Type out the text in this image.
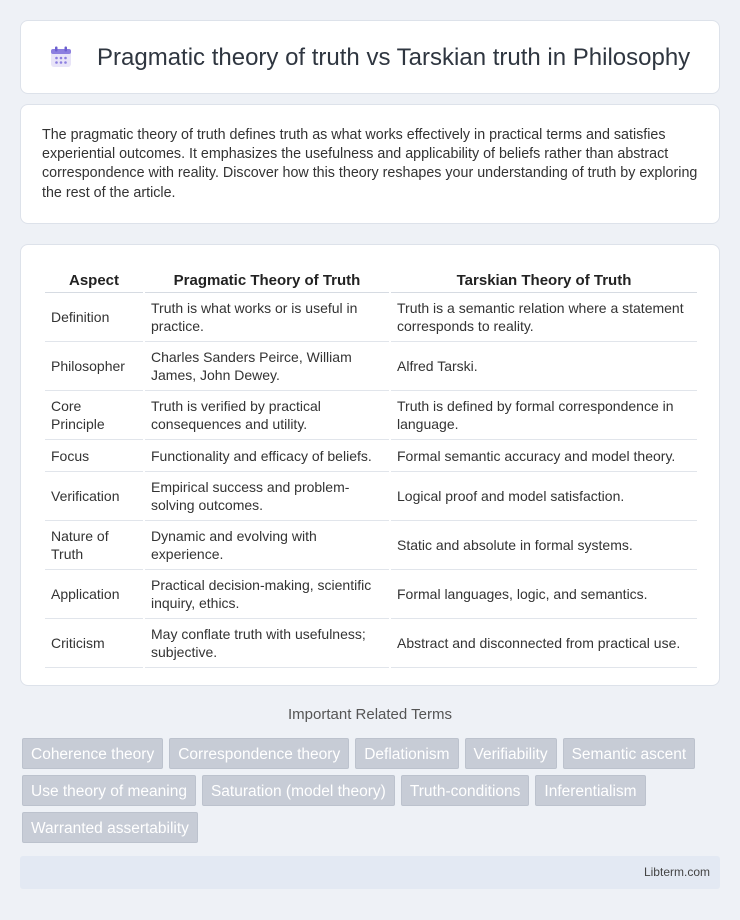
Pragmatic theory of truth vs Tarskian truth in Philosophy

The pragmatic theory of truth defines truth as what works effectively in practical terms and satisfies experiential outcomes. It emphasizes the usefulness and applicability of beliefs rather than abstract correspondence with reality. Discover how this theory reshapes your understanding of truth by exploring the rest of the article.

Aspect	Pragmatic Theory of Truth	Tarskian Theory of Truth
Definition	Truth is what works or is useful in practice.	Truth is a semantic relation where a statement corresponds to reality.
Philosopher	Charles Sanders Peirce, William James, John Dewey.	Alfred Tarski.
Core Principle	Truth is verified by practical consequences and utility.	Truth is defined by formal correspondence in language.
Focus	Functionality and efficacy of beliefs.	Formal semantic accuracy and model theory.
Verification	Empirical success and problem-solving outcomes.	Logical proof and model satisfaction.
Nature of Truth	Dynamic and evolving with experience.	Static and absolute in formal systems.
Application	Practical decision-making, scientific inquiry, ethics.	Formal languages, logic, and semantics.
Criticism	May conflate truth with usefulness; subjective.	Abstract and disconnected from practical use.
Important Related Terms
Coherence theory	Correspondence theory	Deflationism	Verifiability	Semantic ascent
Use theory of meaning	Saturation (model theory)	Truth-conditions	Inferentialism
Warranted assertability
Libterm.com
